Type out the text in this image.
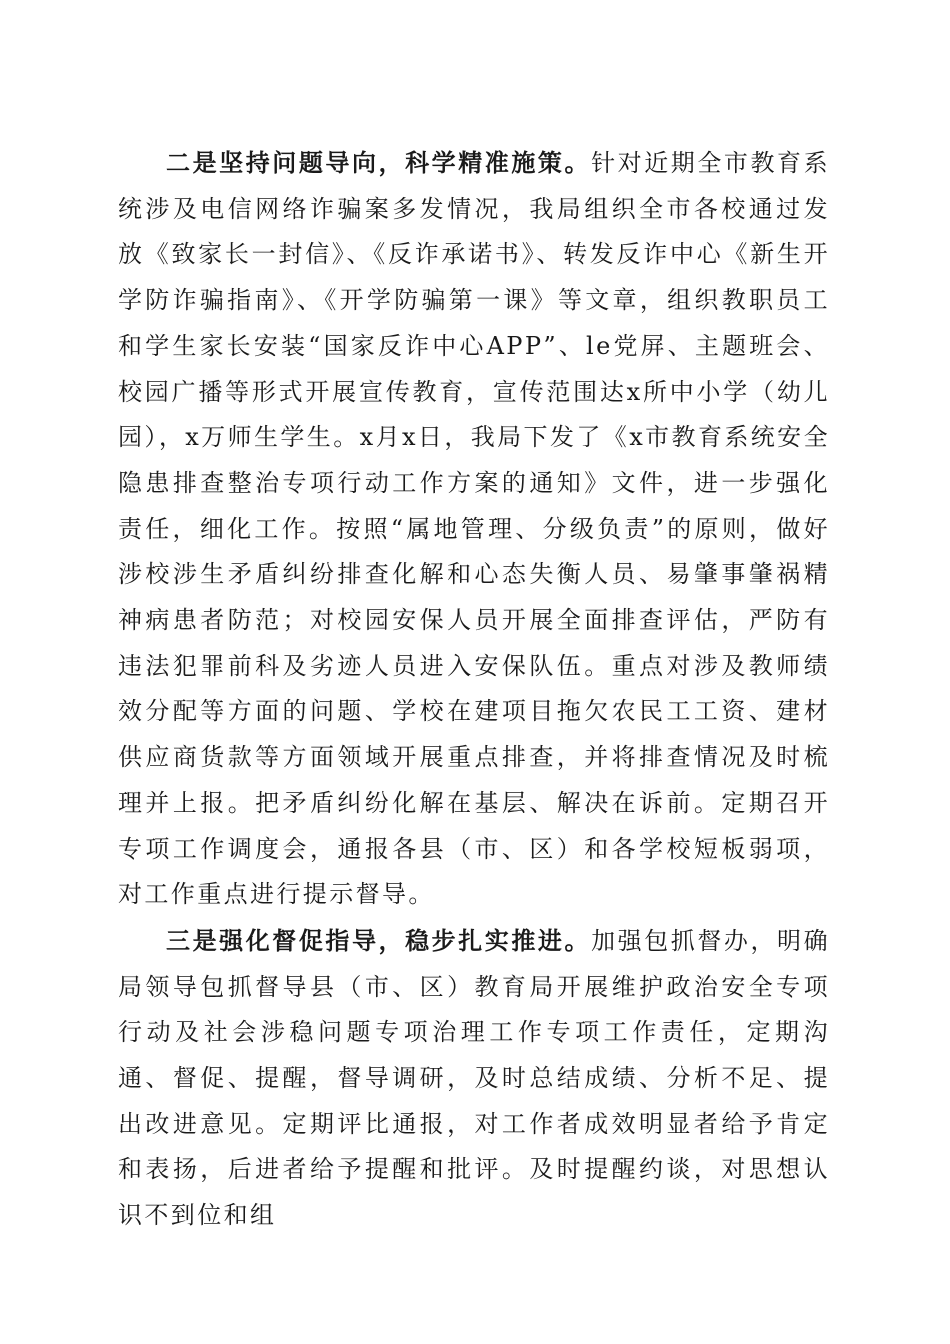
二是坚持问题导向，科学精准施策。针对近期全市教育系统涉及电信网络诈骗案多发情况，我局组织全市各校通过发放《致家长一封信》、《反诈承诺书》、转发反诈中心《新生开学防诈骗指南》、《开学防骗第一课》等文章，组织教职员工和学生家长安装“国家反诈中心APP”、le党屏、主题班会、校园广播等形式开展宣传教育，宣传范围达x所中小学（幼儿园），x万师生学生。x月x日，我局下发了《x市教育系统安全隐患排查整治专项行动工作方案的通知》文件，进一步强化责任，细化工作。按照“属地管理、分级负责”的原则，做好涉校涉生矛盾纠纷排查化解和心态失衡人员、易肇事肇祸精神病患者防范；对校园安保人员开展全面排查评估，严防有违法犯罪前科及劣迹人员进入安保队伍。重点对涉及教师绩效分配等方面的问题、学校在建项目拖欠农民工工资、建材供应商货款等方面领域开展重点排查，并将排查情况及时梳理并上报。把矛盾纠纷化解在基层、解决在诉前。定期召开专项工作调度会，通报各县（市、区）和各学校短板弱项，对工作重点进行提示督导。

三是强化督促指导，稳步扎实推进。加强包抓督办，明确局领导包抓督导县（市、区）教育局开展维护政治安全专项行动及社会涉稳问题专项治理工作专项工作责任，定期沟通、督促、提醒，督导调研，及时总结成绩、分析不足、提出改进意见。定期评比通报，对工作者成效明显者给予肯定和表扬，后进者给予提醒和批评。及时提醒约谈，对思想认识不到位和组
